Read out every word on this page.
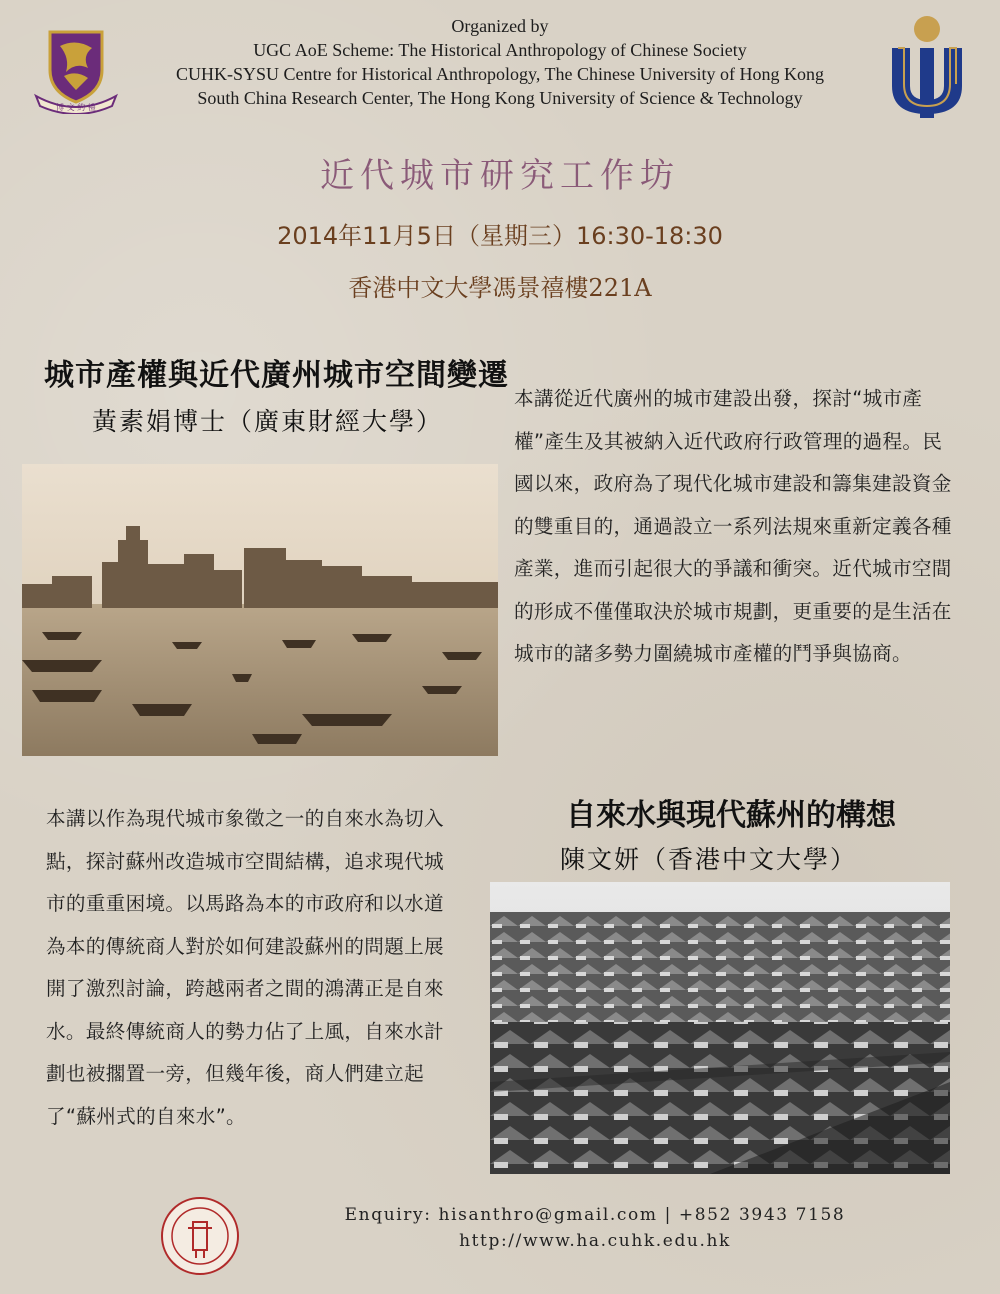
博 文 約 禮
Organized by
UGC AoE Scheme: The Historical Anthropology of Chinese Society
CUHK-SYSU Centre for Historical Anthropology, The Chinese University of Hong Kong
South China Research Center, The Hong Kong University of Science & Technology
近代城市研究工作坊
2014年11月5日（星期三）16:30-18:30
香港中文大學馮景禧樓221A
城市產權與近代廣州城市空間變遷
黃素娟博士（廣東財經大學）
本講從近代廣州的城市建設出發，探討“城市產權”產生及其被納入近代政府行政管理的過程。民國以來，政府為了現代化城市建設和籌集建設資金的雙重目的，通過設立一系列法規來重新定義各種產業，進而引起很大的爭議和衝突。近代城市空間的形成不僅僅取決於城市規劃，更重要的是生活在城市的諸多勢力圍繞城市產權的鬥爭與協商。
自來水與現代蘇州的構想
陳文妍（香港中文大學）
本講以作為現代城市象徵之一的自來水為切入點，探討蘇州改造城市空間結構，追求現代城市的重重困境。以馬路為本的市政府和以水道為本的傳統商人對於如何建設蘇州的問題上展開了激烈討論，跨越兩者之間的鴻溝正是自來水。最終傳統商人的勢力佔了上風，自來水計劃也被擱置一旁，但幾年後，商人們建立起了“蘇州式的自來水”。
Enquiry: hisanthro@gmail.com | +852 3943 7158
http://www.ha.cuhk.edu.hk
